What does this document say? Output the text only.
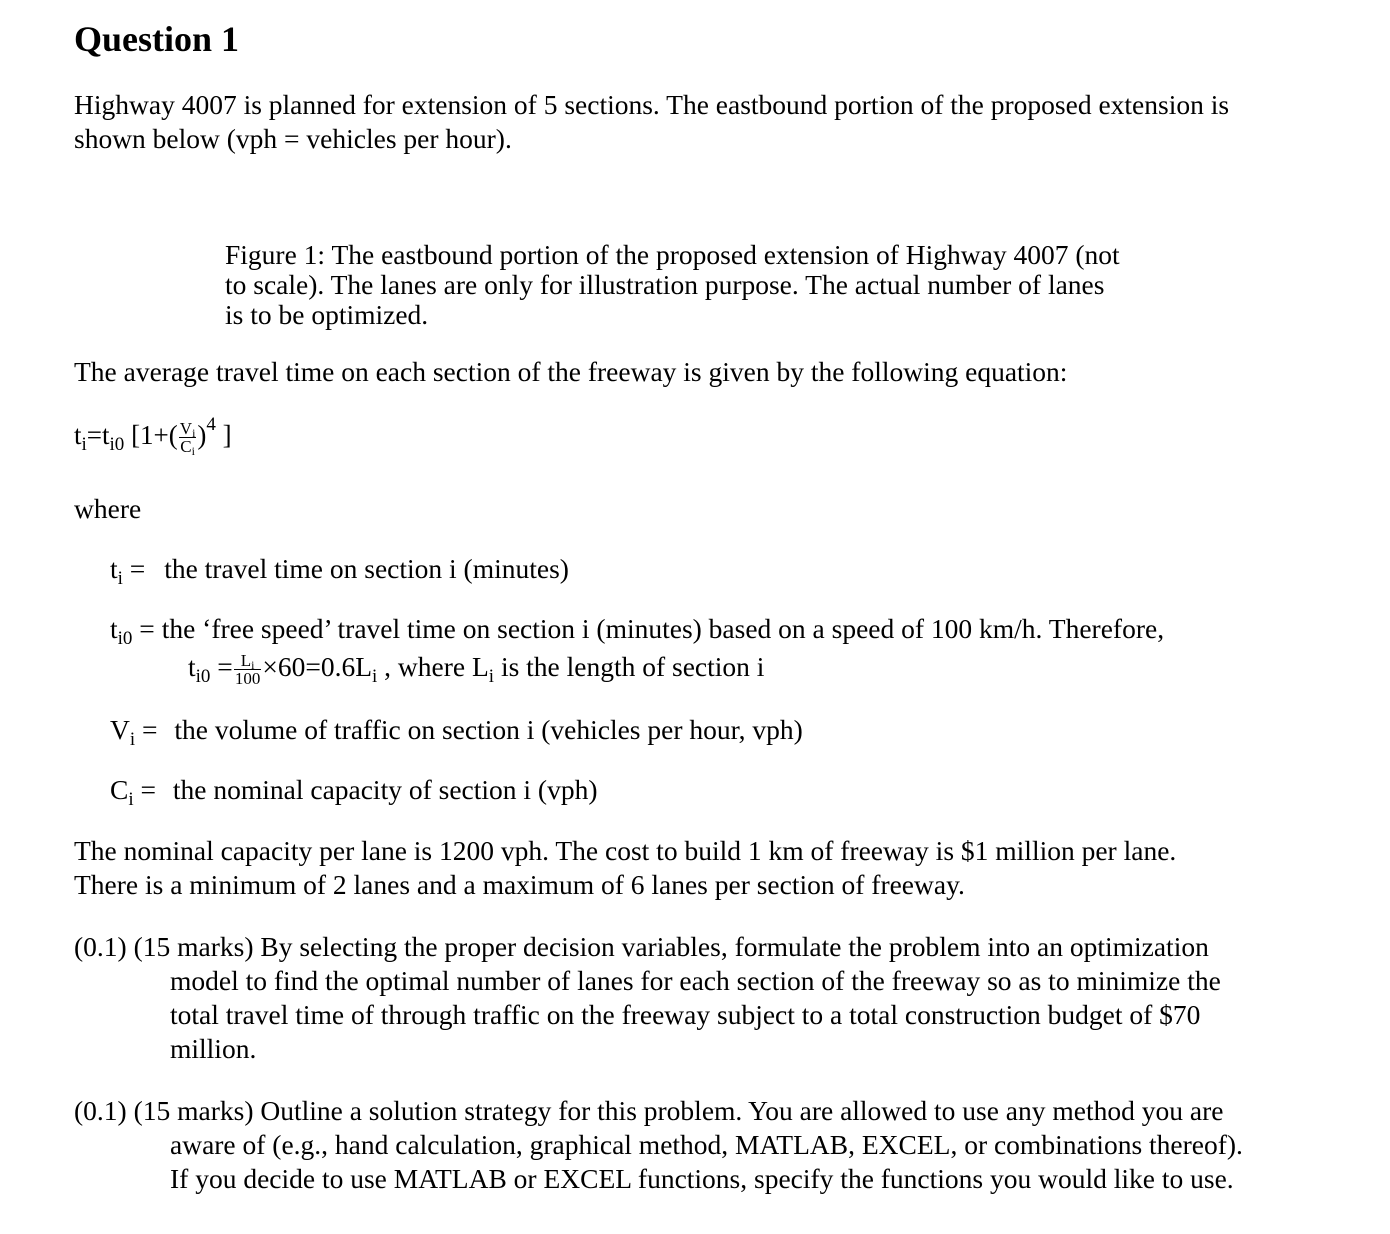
Question 1
Highway 4007 is planned for extension of 5 sections. The eastbound portion of the proposed extension is
shown below (vph = vehicles per hour).
Figure 1: The eastbound portion of the proposed extension of Highway 4007 (not
to scale). The lanes are only for illustration purpose. The actual number of lanes
is to be optimized.
The average travel time on each section of the freeway is given by the following equation:
$t_i=t_{i0}$ [$1+( \frac{V_i}{C_i} )^4$ ]
where
$t_i$ = the travel time on section i (minutes)
$t_{i0}$ = the ‘free speed’ travel time on section i (minutes) based on a speed of 100 km/h. Therefore,
$t_{i0} = \frac{L_i}{100} \times 60=0.6L_i$ , where $L_i$ is the length of section i
$V_i$ = the volume of traffic on section i (vehicles per hour, vph)
$C_i$ = the nominal capacity of section i (vph)
The nominal capacity per lane is 1200 vph. The cost to build 1 km of freeway is $1 million per lane.
There is a minimum of 2 lanes and a maximum of 6 lanes per section of freeway.
(0.1) (15 marks) By selecting the proper decision variables, formulate the problem into an optimization
model to find the optimal number of lanes for each section of the freeway so as to minimize the
total travel time of through traffic on the freeway subject to a total construction budget of $70
million.
(0.1) (15 marks) Outline a solution strategy for this problem. You are allowed to use any method you are
aware of (e.g., hand calculation, graphical method, MATLAB, EXCEL, or combinations thereof).
If you decide to use MATLAB or EXCEL functions, specify the functions you would like to use.
